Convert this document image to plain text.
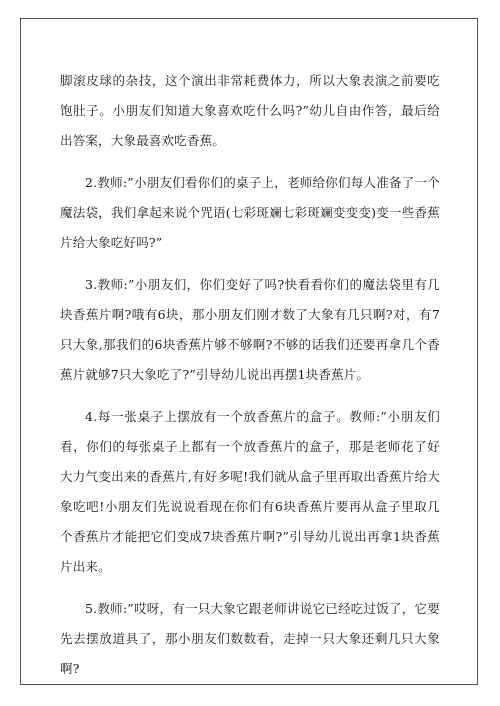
脚滚皮球的杂技，这个演出非常耗费体力，所以大象表演之前要吃饱肚子。小朋友们知道大象喜欢吃什么吗?”幼儿自由作答，最后给出答案，大象最喜欢吃香蕉。

2.教师:”小朋友们看你们的桌子上，老师给你们每人准备了一个魔法袋，我们拿起来说个咒语(七彩斑斓七彩斑斓变变变)变一些香蕉片给大象吃好吗?”

3.教师:”小朋友们，你们变好了吗?快看看你们的魔法袋里有几块香蕉片啊?哦有6块，那小朋友们刚才数了大象有几只啊?对，有7只大象,那我们的6块香蕉片够不够啊?不够的话我们还要再拿几个香蕉片就够7只大象吃了?”引导幼儿说出再摆1块香蕉片。

4.每一张桌子上摆放有一个放香蕉片的盒子。教师:”小朋友们看，你们的每张桌子上都有一个放香蕉片的盒子，那是老师花了好大力气变出来的香蕉片,有好多呢!我们就从盒子里再取出香蕉片给大象吃吧!小朋友们先说说看现在你们有6块香蕉片要再从盒子里取几个香蕉片才能把它们变成7块香蕉片啊?”引导幼儿说出再拿1块香蕉片出来。

5.教师:”哎呀，有一只大象它跟老师讲说它已经吃过饭了，它要先去摆放道具了，那小朋友们数数看，走掉一只大象还剩几只大象啊?
